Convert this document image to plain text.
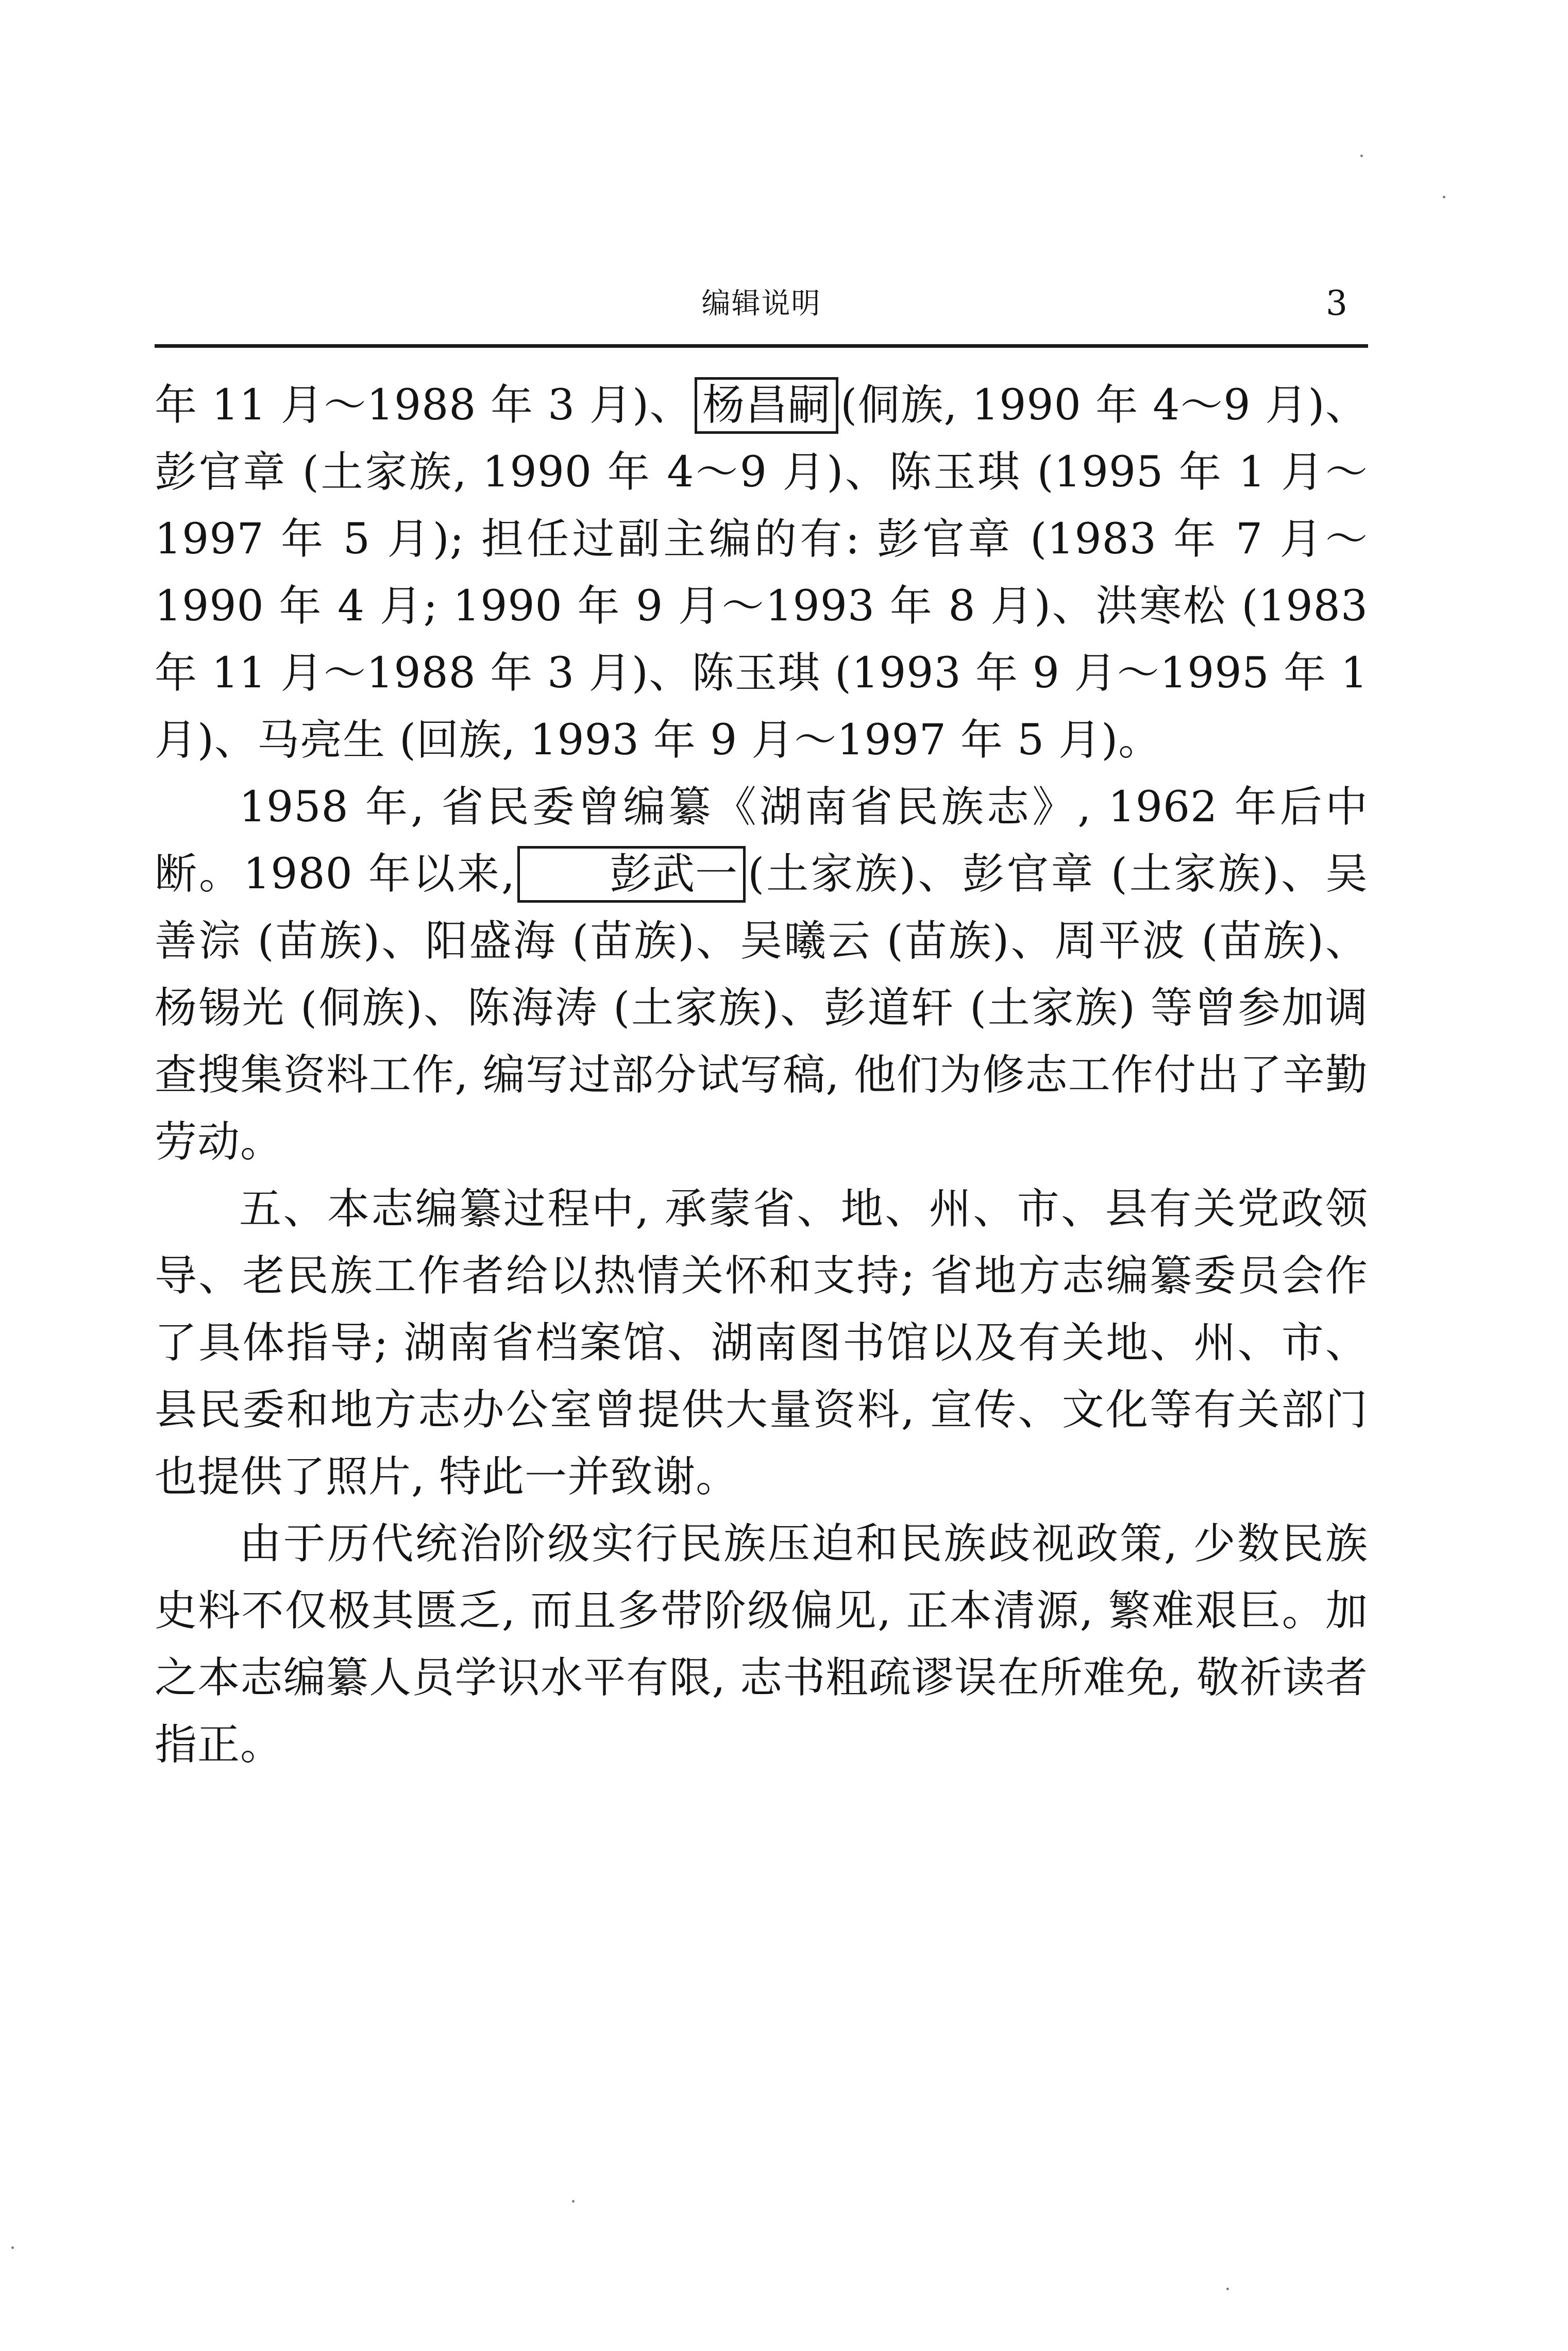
编辑说明	3

年 11 月～1988 年 3 月)、 杨昌嗣 (侗族, 1990 年 4～9 月)、彭官章 (土家族, 1990 年 4～9 月)、陈玉琪 (1995 年 1 月～1997 年 5 月); 担任过副主编的有: 彭官章 (1983 年 7 月～1990 年 4 月; 1990 年 9 月～1993 年 8 月)、洪寒松 (1983 年 11 月～1988 年 3 月)、陈玉琪 (1993 年 9 月～1995 年 1 月)、马亮生 (回族, 1993 年 9 月～1997 年 5 月)。

1958 年, 省民委曾编纂《湖南省民族志》, 1962 年后中断。1980 年以来, 彭武一 (土家族)、彭官章 (土家族)、吴善淙 (苗族)、阳盛海 (苗族)、吴曦云 (苗族)、周平波 (苗族)、杨锡光 (侗族)、陈海涛 (土家族)、彭道轩 (土家族) 等曾参加调查搜集资料工作, 编写过部分试写稿, 他们为修志工作付出了辛勤劳动。

五、本志编纂过程中, 承蒙省、地、州、市、县有关党政领导、老民族工作者给以热情关怀和支持; 省地方志编纂委员会作了具体指导; 湖南省档案馆、湖南图书馆以及有关地、州、市、县民委和地方志办公室曾提供大量资料, 宣传、文化等有关部门也提供了照片, 特此一并致谢。

由于历代统治阶级实行民族压迫和民族歧视政策, 少数民族史料不仅极其匮乏, 而且多带阶级偏见, 正本清源, 繁难艰巨。加之本志编纂人员学识水平有限, 志书粗疏谬误在所难免, 敬祈读者指正。
